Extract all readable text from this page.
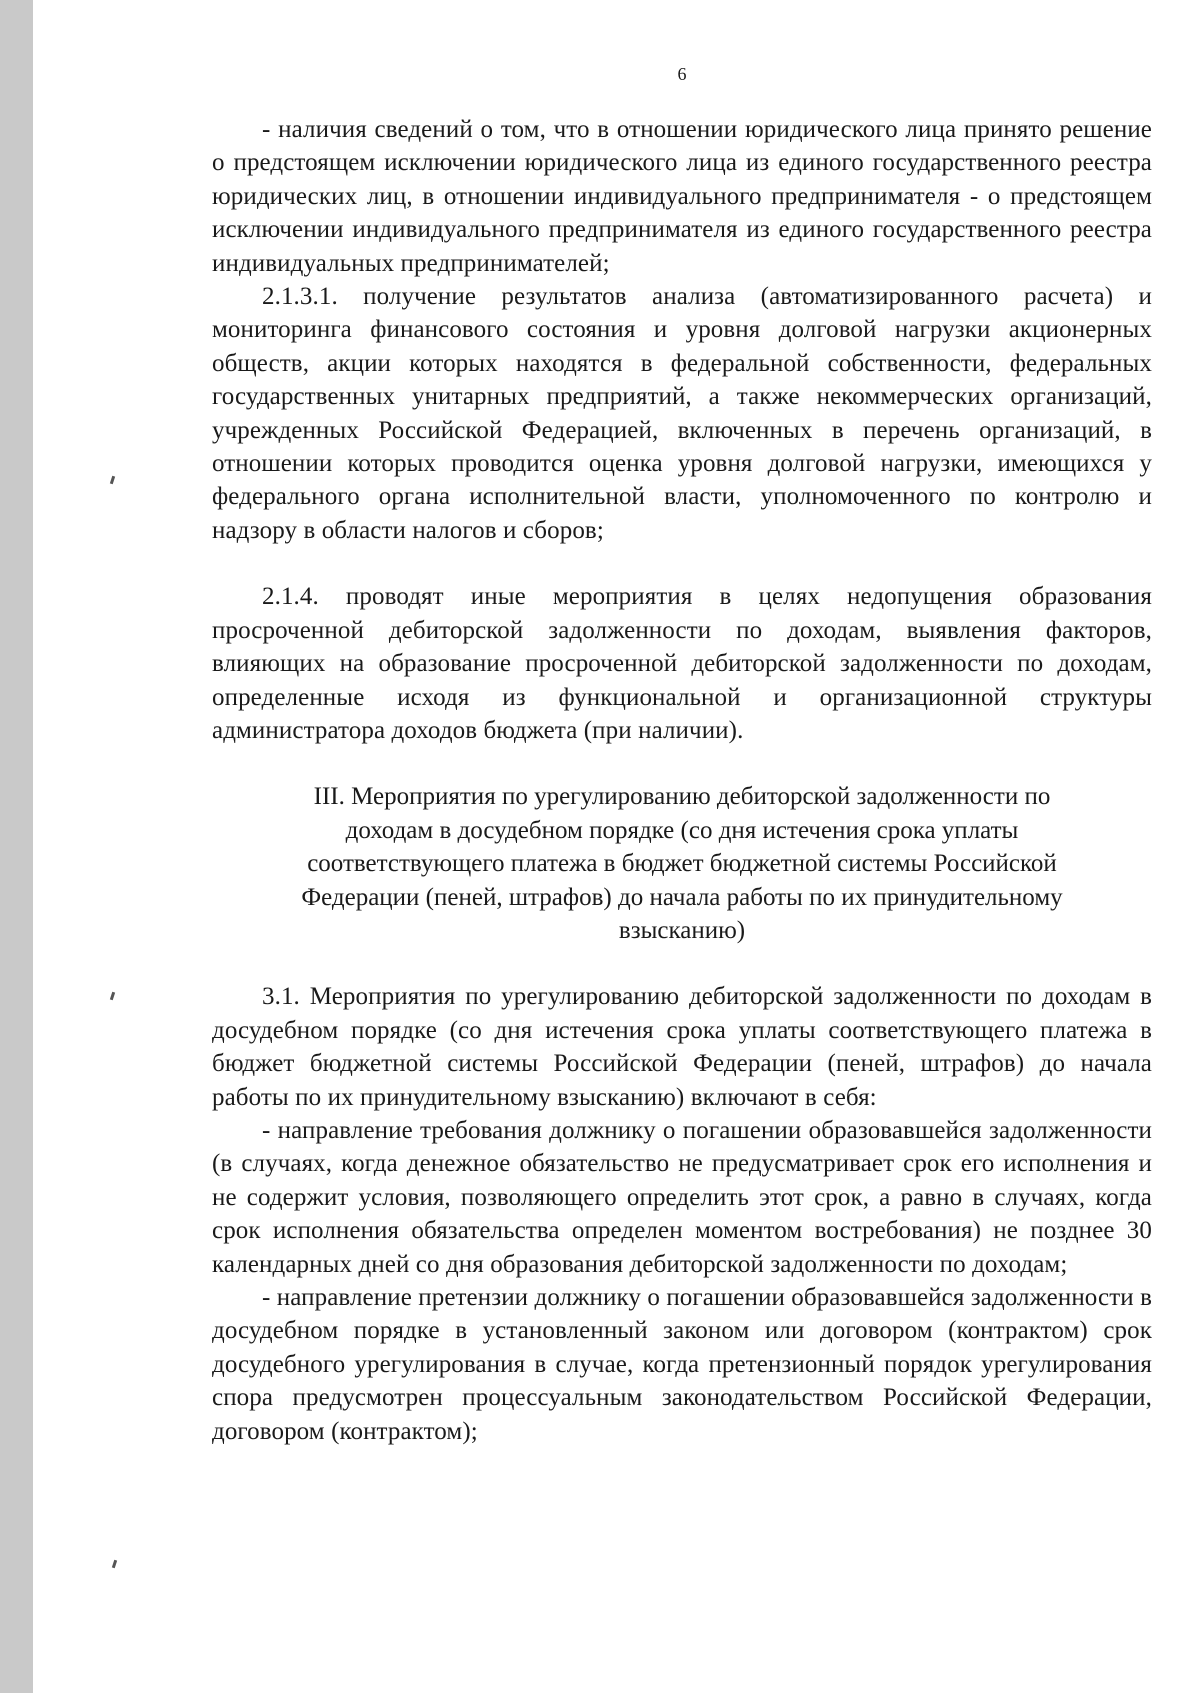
6

- наличия сведений о том, что в отношении юридического лица принято решение о предстоящем исключении юридического лица из единого государственного реестра юридических лиц, в отношении индивидуального предпринимателя - о предстоящем исключении индивидуального предпринимателя из единого государственного реестра индивидуальных предпринимателей;

2.1.3.1. получение результатов анализа (автоматизированного расчета) и мониторинга финансового состояния и уровня долговой нагрузки акционерных обществ, акции которых находятся в федеральной собственности, федеральных государственных унитарных предприятий, а также некоммерческих организаций, учрежденных Российской Федерацией, включенных в перечень организаций, в отношении которых проводится оценка уровня долговой нагрузки, имеющихся у федерального органа исполнительной власти, уполномоченного по контролю и надзору в области налогов и сборов;

2.1.4. проводят иные мероприятия в целях недопущения образования просроченной дебиторской задолженности по доходам, выявления факторов, влияющих на образование просроченной дебиторской задолженности по доходам, определенные исходя из функциональной и организационной структуры администратора доходов бюджета (при наличии).

III. Мероприятия по урегулированию дебиторской задолженности по доходам в досудебном порядке (со дня истечения срока уплаты соответствующего платежа в бюджет бюджетной системы Российской Федерации (пеней, штрафов) до начала работы по их принудительному взысканию)

3.1. Мероприятия по урегулированию дебиторской задолженности по доходам в досудебном порядке (со дня истечения срока уплаты соответствующего платежа в бюджет бюджетной системы Российской Федерации (пеней, штрафов) до начала работы по их принудительному взысканию) включают в себя:

- направление требования должнику о погашении образовавшейся задолженности (в случаях, когда денежное обязательство не предусматривает срок его исполнения и не содержит условия, позволяющего определить этот срок, а равно в случаях, когда срок исполнения обязательства определен моментом востребования) не позднее 30 календарных дней со дня образования дебиторской задолженности по доходам;

- направление претензии должнику о погашении образовавшейся задолженности в досудебном порядке в установленный законом или договором (контрактом) срок досудебного урегулирования в случае, когда претензионный порядок урегулирования спора предусмотрен процессуальным законодательством Российской Федерации, договором (контрактом);
